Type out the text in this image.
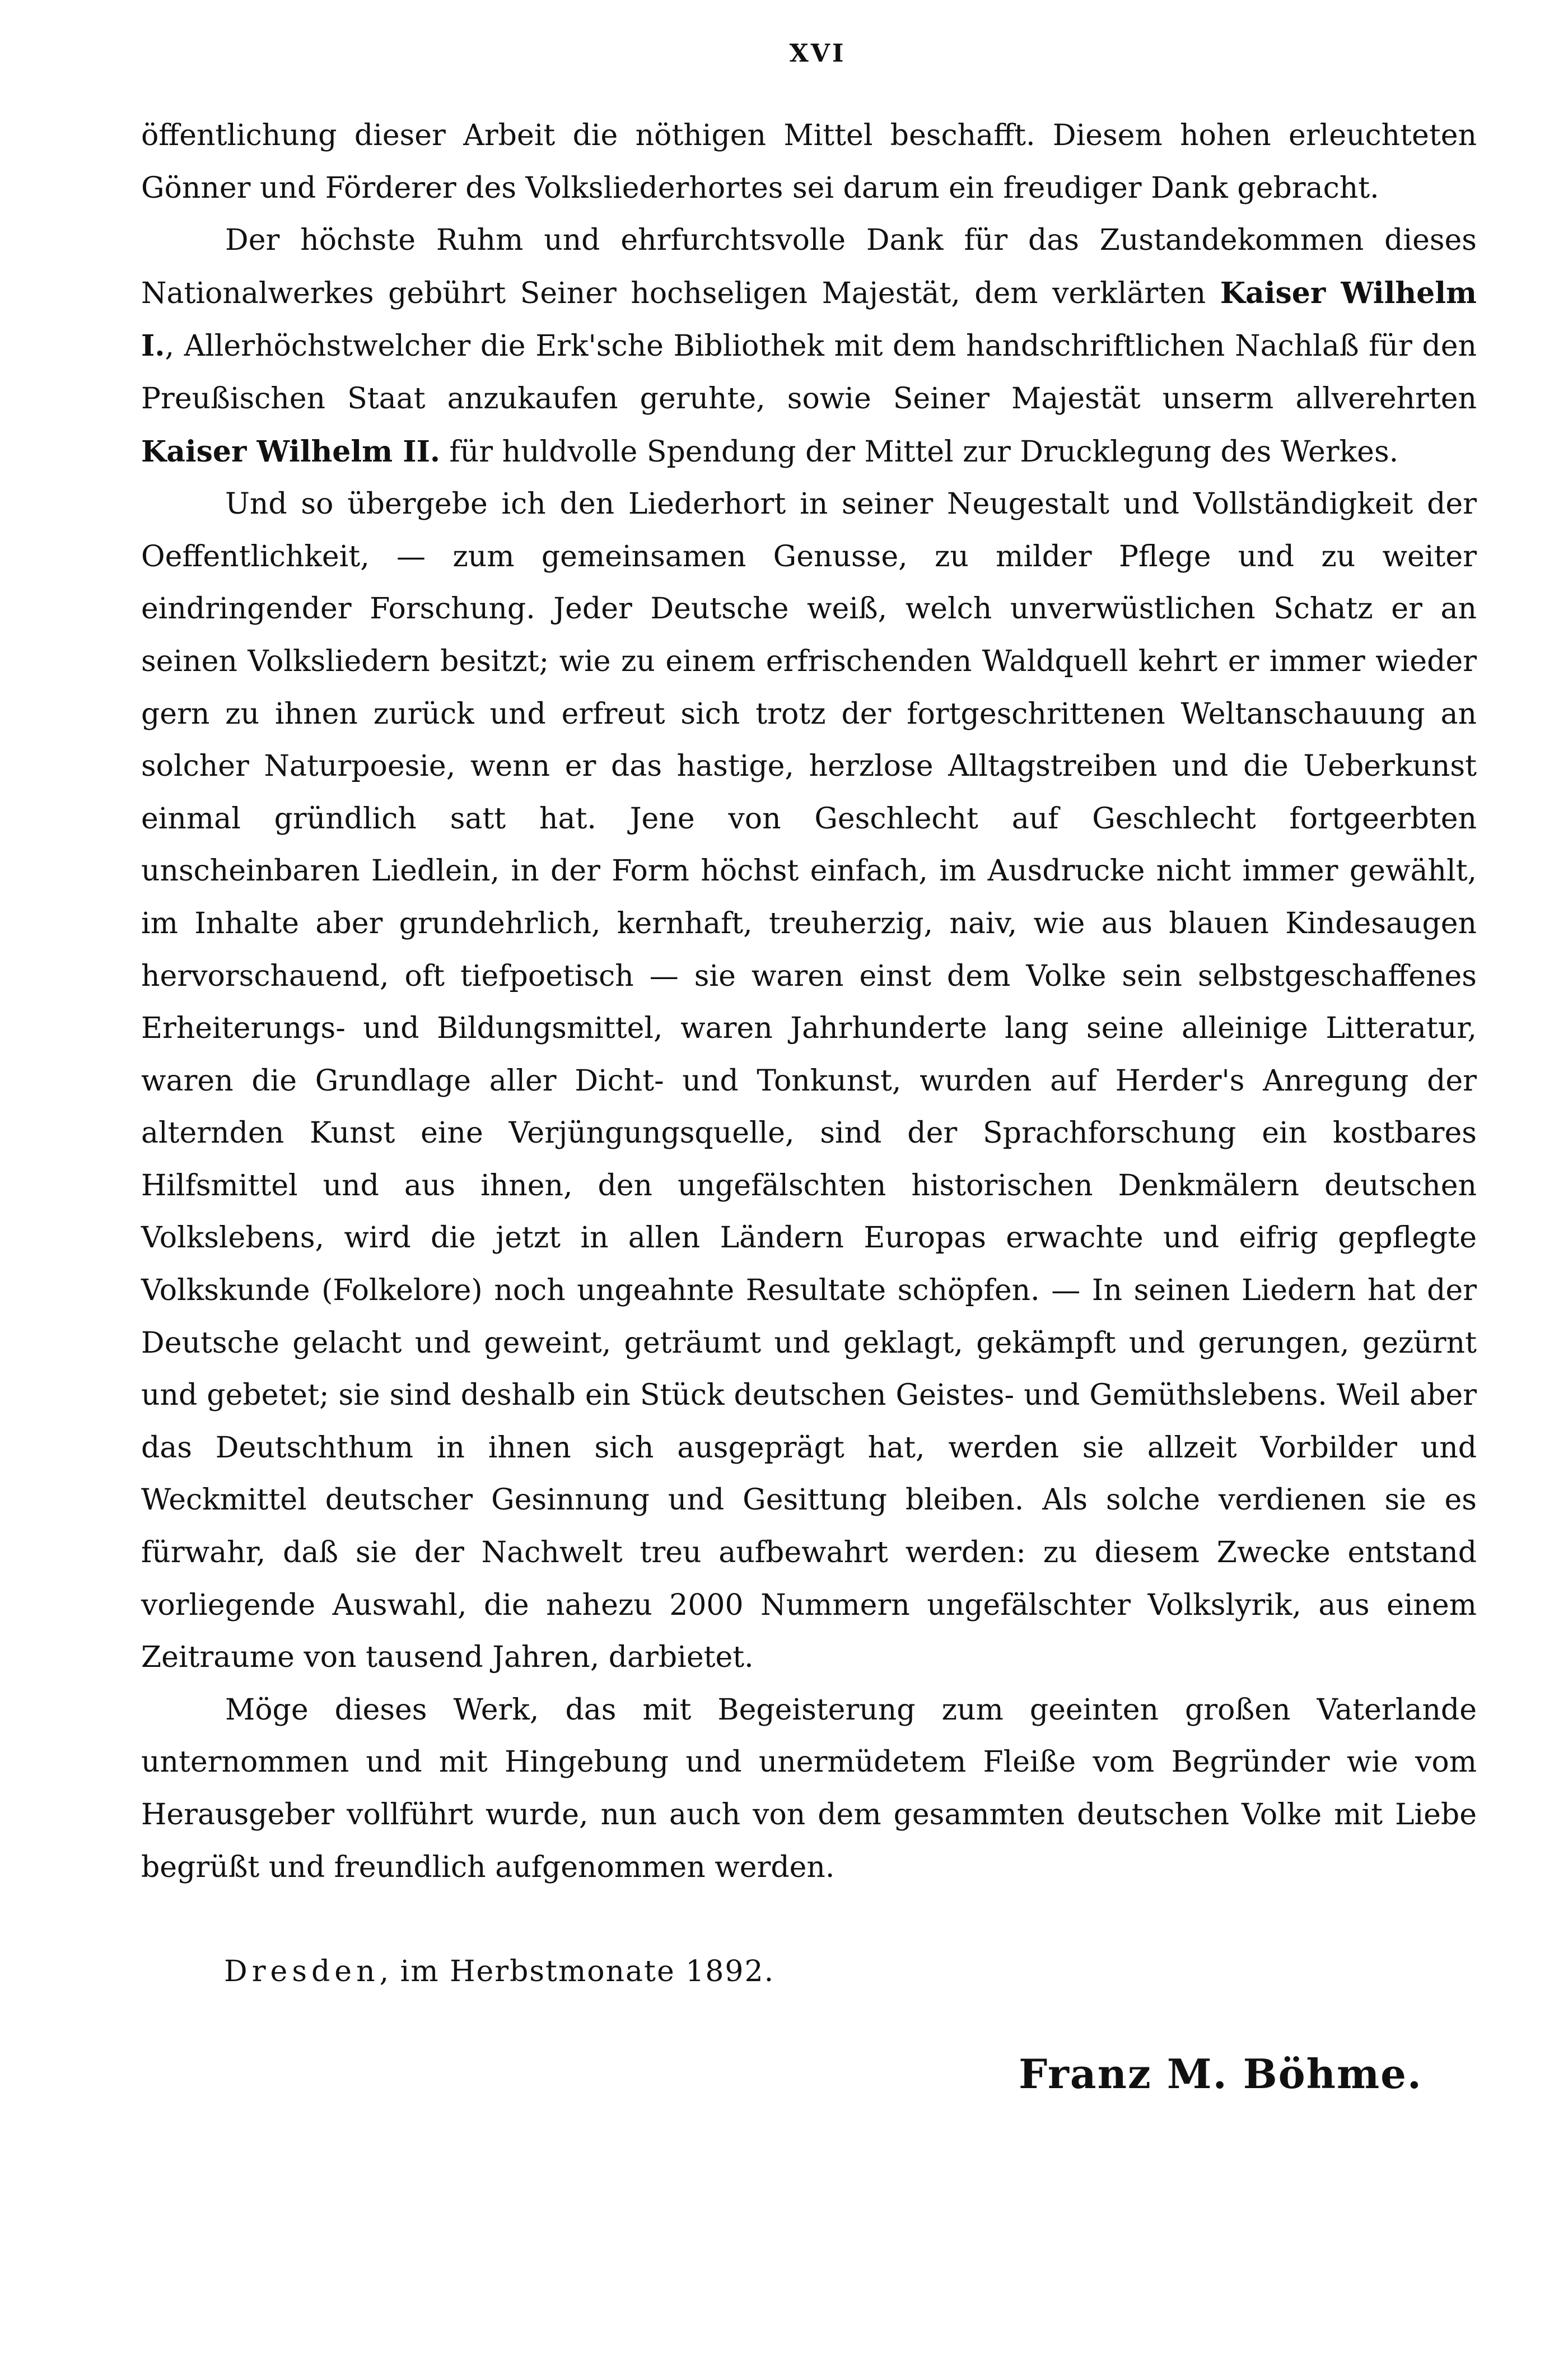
XVI

öffentlichung dieser Arbeit die nöthigen Mittel beschafft. Diesem hohen erleuchteten Gönner und Förderer des Volksliederhortes sei darum ein freudiger Dank gebracht.

Der höchste Ruhm und ehrfurchtsvolle Dank für das Zustandekommen dieses Nationalwerkes gebührt Seiner hochseligen Majestät, dem verklärten Kaiser Wilhelm I., Allerhöchstwelcher die Erk'sche Bibliothek mit dem handschriftlichen Nachlaß für den Preußischen Staat anzukaufen geruhte, sowie Seiner Majestät unserm allverehrten Kaiser Wilhelm II. für huldvolle Spendung der Mittel zur Drucklegung des Werkes.

Und so übergebe ich den Liederhort in seiner Neugestalt und Vollständigkeit der Oeffentlichkeit, — zum gemeinsamen Genusse, zu milder Pflege und zu weiter eindringender Forschung. Jeder Deutsche weiß, welch unverwüstlichen Schatz er an seinen Volksliedern besitzt; wie zu einem erfrischenden Waldquell kehrt er immer wieder gern zu ihnen zurück und erfreut sich trotz der fortgeschrittenen Weltanschauung an solcher Naturpoesie, wenn er das hastige, herzlose Alltagstreiben und die Ueberkunst einmal gründlich satt hat. Jene von Geschlecht auf Geschlecht fortgeerbten unscheinbaren Liedlein, in der Form höchst einfach, im Ausdrucke nicht immer gewählt, im Inhalte aber grundehrlich, kernhaft, treuherzig, naiv, wie aus blauen Kindesaugen hervorschauend, oft tiefpoetisch — sie waren einst dem Volke sein selbstgeschaffenes Erheiterungs- und Bildungsmittel, waren Jahrhunderte lang seine alleinige Litteratur, waren die Grundlage aller Dicht- und Tonkunst, wurden auf Herder's Anregung der alternden Kunst eine Verjüngungsquelle, sind der Sprachforschung ein kostbares Hilfsmittel und aus ihnen, den ungefälschten historischen Denkmälern deutschen Volkslebens, wird die jetzt in allen Ländern Europas erwachte und eifrig gepflegte Volkskunde (Folkelore) noch ungeahnte Resultate schöpfen. — In seinen Liedern hat der Deutsche gelacht und geweint, geträumt und geklagt, gekämpft und gerungen, gezürnt und gebetet; sie sind deshalb ein Stück deutschen Geistes- und Gemüthslebens. Weil aber das Deutschthum in ihnen sich ausgeprägt hat, werden sie allzeit Vorbilder und Weckmittel deutscher Gesinnung und Gesittung bleiben. Als solche verdienen sie es fürwahr, daß sie der Nachwelt treu aufbewahrt werden: zu diesem Zwecke entstand vorliegende Auswahl, die nahezu 2000 Nummern ungefälschter Volkslyrik, aus einem Zeitraume von tausend Jahren, darbietet.

Möge dieses Werk, das mit Begeisterung zum geeinten großen Vaterlande unternommen und mit Hingebung und unermüdetem Fleiße vom Begründer wie vom Herausgeber vollführt wurde, nun auch von dem gesammten deutschen Volke mit Liebe begrüßt und freundlich aufgenommen werden.

Dresden, im Herbstmonate 1892.
Franz M. Böhme.
